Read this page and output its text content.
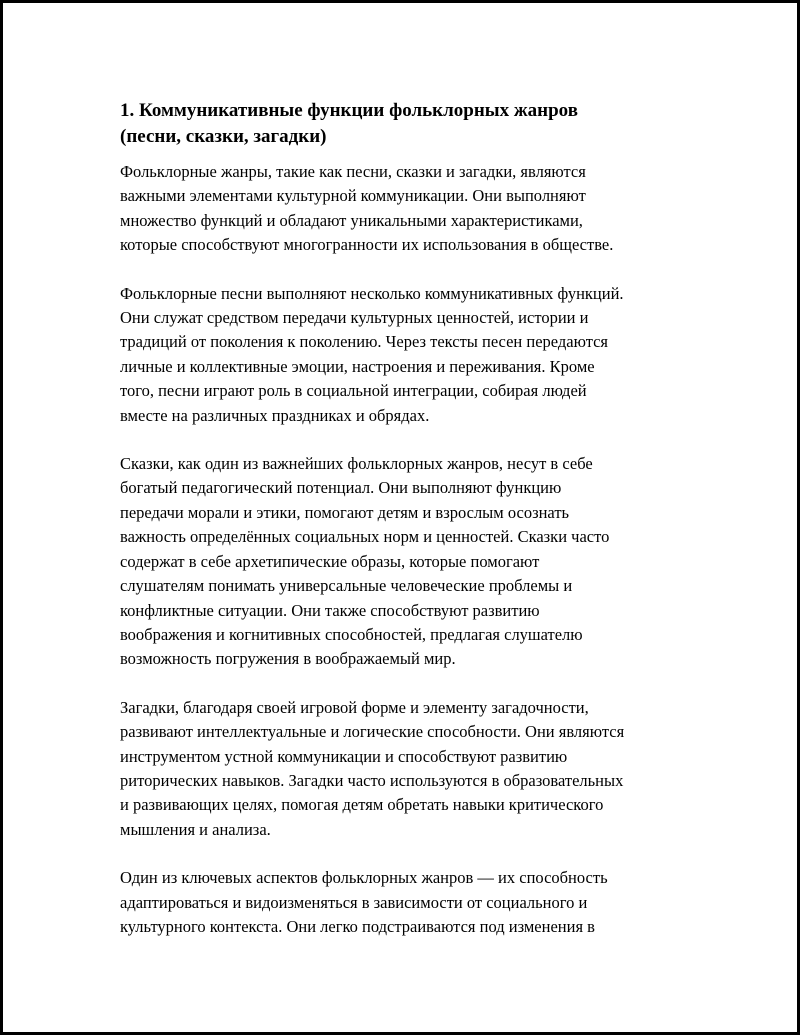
1. Коммуникативные функции фольклорных жанров
(песни, сказки, загадки)

Фольклорные жанры, такие как песни, сказки и загадки, являются
важными элементами культурной коммуникации. Они выполняют
множество функций и обладают уникальными характеристиками,
которые способствуют многогранности их использования в обществе.

Фольклорные песни выполняют несколько коммуникативных функций.
Они служат средством передачи культурных ценностей, истории и
традиций от поколения к поколению. Через тексты песен передаются
личные и коллективные эмоции, настроения и переживания. Кроме
того, песни играют роль в социальной интеграции, собирая людей
вместе на различных праздниках и обрядах.

Сказки, как один из важнейших фольклорных жанров, несут в себе
богатый педагогический потенциал. Они выполняют функцию
передачи морали и этики, помогают детям и взрослым осознать
важность определённых социальных норм и ценностей. Сказки часто
содержат в себе архетипические образы, которые помогают
слушателям понимать универсальные человеческие проблемы и
конфликтные ситуации. Они также способствуют развитию
воображения и когнитивных способностей, предлагая слушателю
возможность погружения в воображаемый мир.

Загадки, благодаря своей игровой форме и элементу загадочности,
развивают интеллектуальные и логические способности. Они являются
инструментом устной коммуникации и способствуют развитию
риторических навыков. Загадки часто используются в образовательных
и развивающих целях, помогая детям обретать навыки критического
мышления и анализа.

Один из ключевых аспектов фольклорных жанров — их способность
адаптироваться и видоизменяться в зависимости от социального и
культурного контекста. Они легко подстраиваются под изменения в
